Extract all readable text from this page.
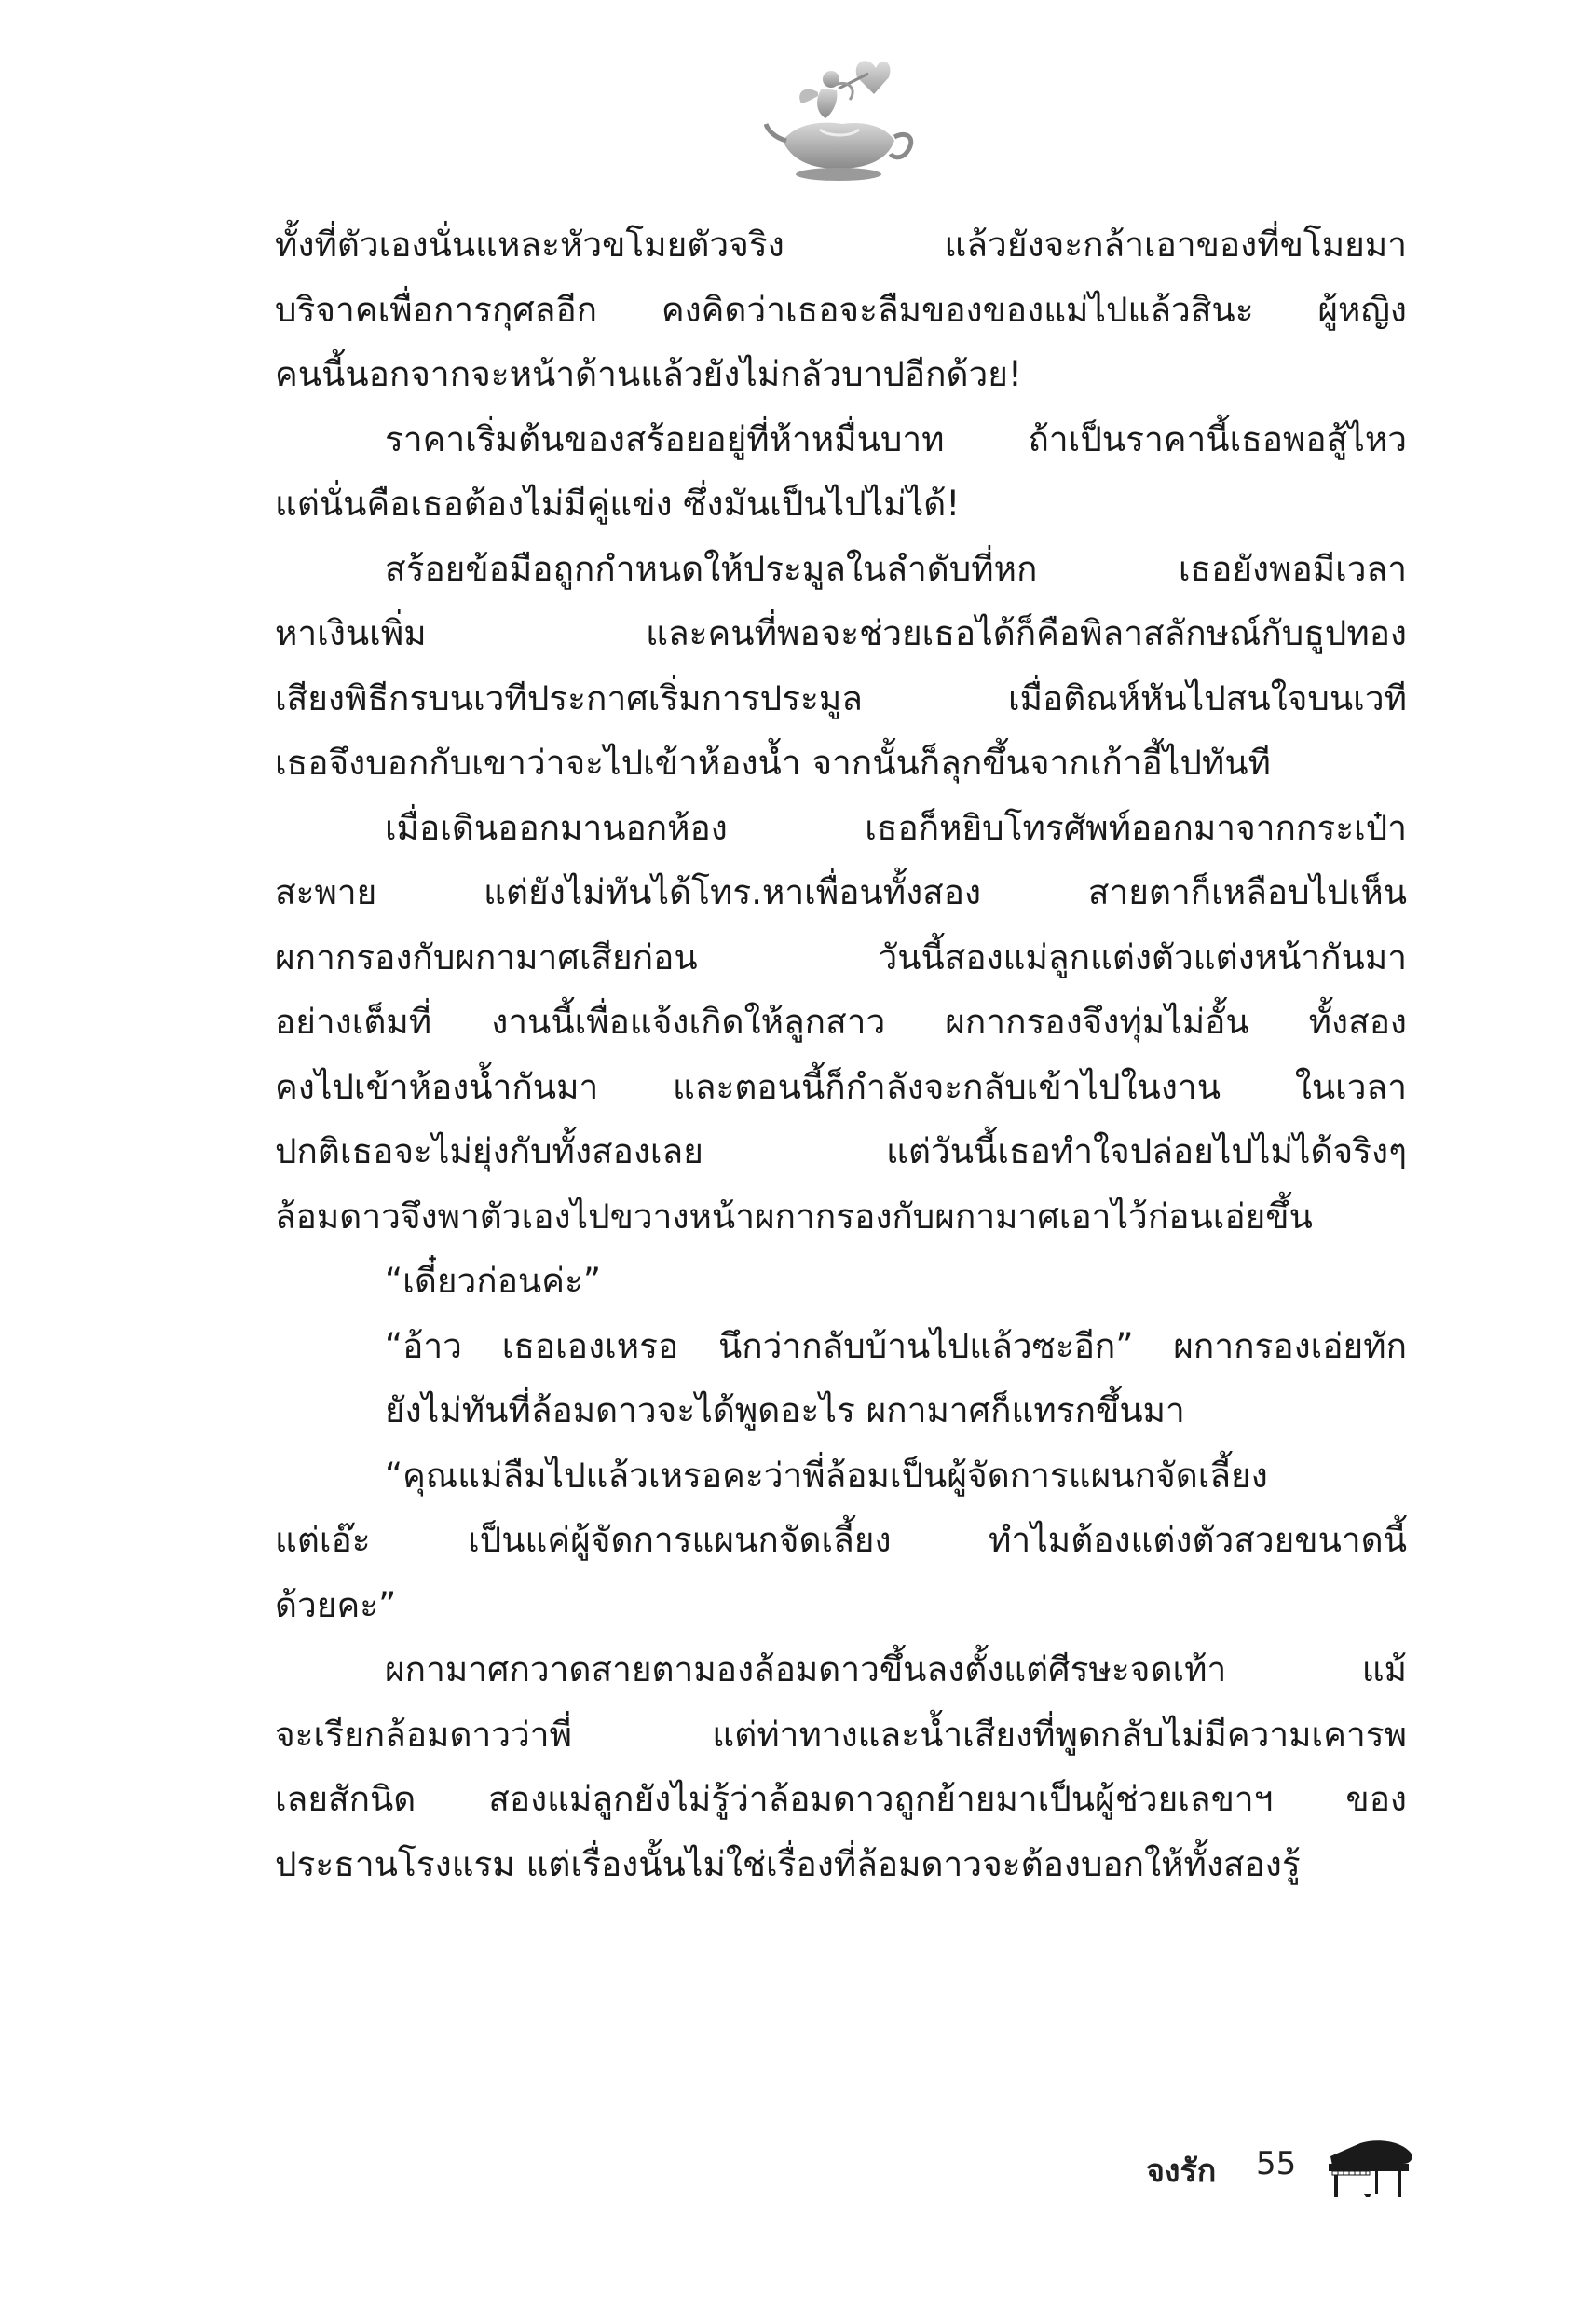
ทั้งที่ตัวเองนั่นแหละหัวขโมยตัวจริง แล้วยังจะกล้าเอาของที่ขโมยมา

บริจาคเพื่อการกุศลอีก คงคิดว่าเธอจะลืมของของแม่ไปแล้วสินะ ผู้หญิง

คนนี้นอกจากจะหน้าด้านแล้วยังไม่กลัวบาปอีกด้วย!

ราคาเริ่มต้นของสร้อยอยู่ที่ห้าหมื่นบาท ถ้าเป็นราคานี้เธอพอสู้ไหว

แต่นั่นคือเธอต้องไม่มีคู่แข่ง ซึ่งมันเป็นไปไม่ได้!

สร้อยข้อมือถูกกำหนดให้ประมูลในลำดับที่หก เธอยังพอมีเวลา

หาเงินเพิ่ม และคนที่พอจะช่วยเธอได้ก็คือพิลาสลักษณ์กับธูปทอง

เสียงพิธีกรบนเวทีประกาศเริ่มการประมูล เมื่อติณห์หันไปสนใจบนเวที

เธอจึงบอกกับเขาว่าจะไปเข้าห้องน้ำ จากนั้นก็ลุกขึ้นจากเก้าอี้ไปทันที

เมื่อเดินออกมานอกห้อง เธอก็หยิบโทรศัพท์ออกมาจากกระเป๋า

สะพาย แต่ยังไม่ทันได้โทร.หาเพื่อนทั้งสอง สายตาก็เหลือบไปเห็น

ผกากรองกับผกามาศเสียก่อน วันนี้สองแม่ลูกแต่งตัวแต่งหน้ากันมา

อย่างเต็มที่ งานนี้เพื่อแจ้งเกิดให้ลูกสาว ผกากรองจึงทุ่มไม่อั้น ทั้งสอง

คงไปเข้าห้องน้ำกันมา และตอนนี้ก็กำลังจะกลับเข้าไปในงาน ในเวลา

ปกติเธอจะไม่ยุ่งกับทั้งสองเลย แต่วันนี้เธอทำใจปล่อยไปไม่ได้จริงๆ

ล้อมดาวจึงพาตัวเองไปขวางหน้าผกากรองกับผกามาศเอาไว้ก่อนเอ่ยขึ้น

“เดี๋ยวก่อนค่ะ”

“อ้าว เธอเองเหรอ นึกว่ากลับบ้านไปแล้วซะอีก” ผกากรองเอ่ยทัก

ยังไม่ทันที่ล้อมดาวจะได้พูดอะไร ผกามาศก็แทรกขึ้นมา

“คุณแม่ลืมไปแล้วเหรอคะว่าพี่ล้อมเป็นผู้จัดการแผนกจัดเลี้ยง

แต่เอ๊ะ เป็นแค่ผู้จัดการแผนกจัดเลี้ยง ทำไมต้องแต่งตัวสวยขนาดนี้

ด้วยคะ”

ผกามาศกวาดสายตามองล้อมดาวขึ้นลงตั้งแต่ศีรษะจดเท้า แม้

จะเรียกล้อมดาวว่าพี่ แต่ท่าทางและน้ำเสียงที่พูดกลับไม่มีความเคารพ

เลยสักนิด สองแม่ลูกยังไม่รู้ว่าล้อมดาวถูกย้ายมาเป็นผู้ช่วยเลขาฯ ของ

ประธานโรงแรม แต่เรื่องนั้นไม่ใช่เรื่องที่ล้อมดาวจะต้องบอกให้ทั้งสองรู้

จงรัก 55
